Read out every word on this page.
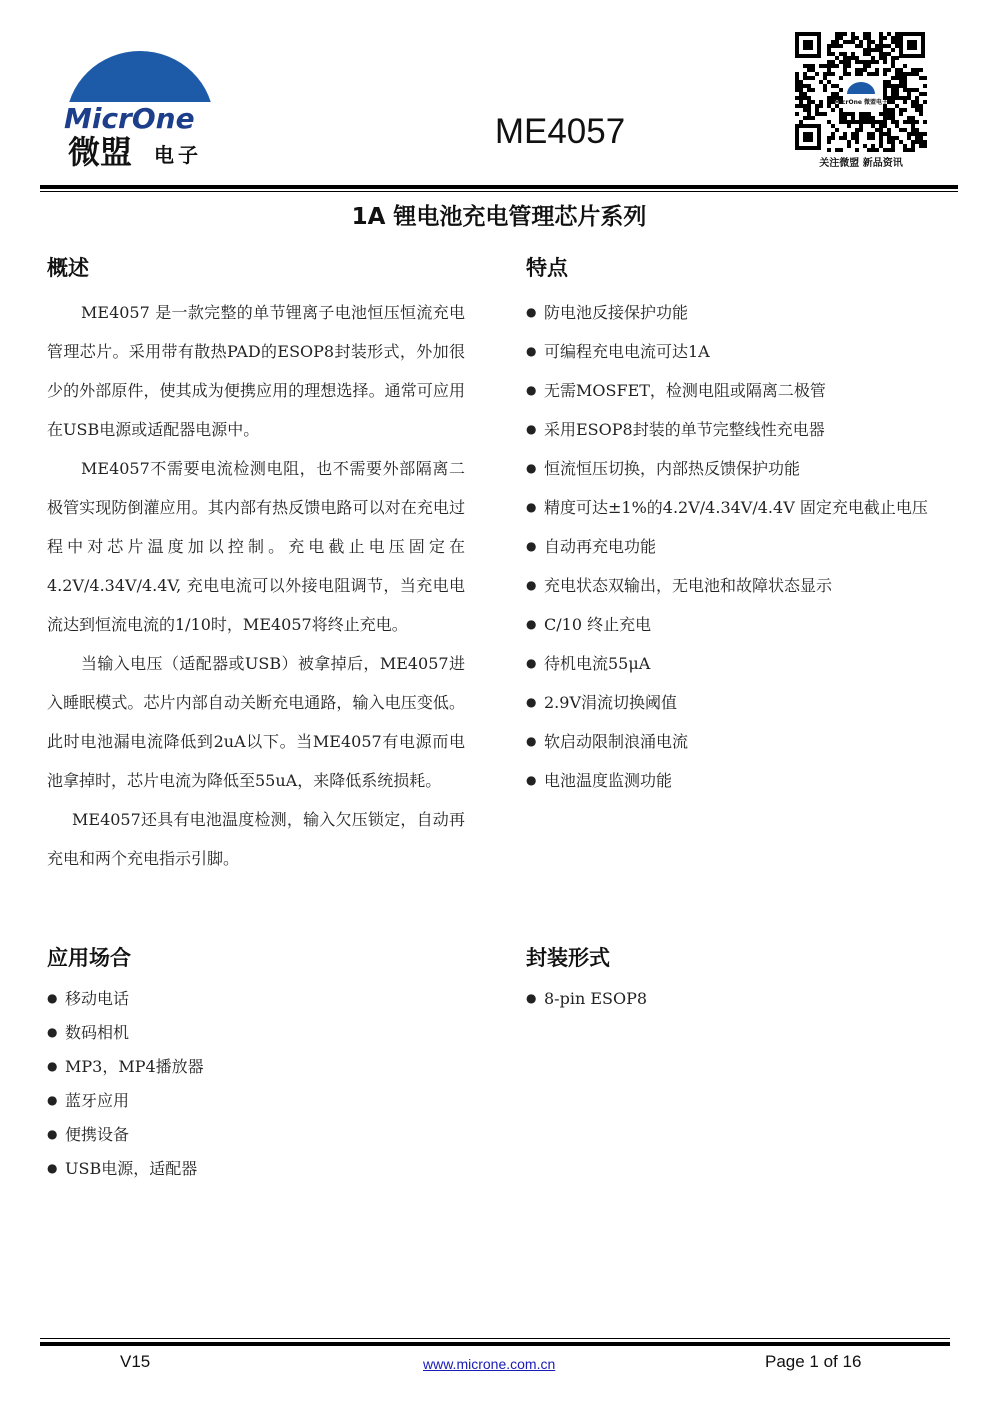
MicrOne
微盟 电子
ME4057
MicrOne 微盟电子
关注微盟 新品资讯
1A 锂电池充电管理芯片系列
概述

ME4057 是一款完整的单节锂离子电池恒压恒流充电管理芯片。采用带有散热PAD的ESOP8封装形式，外加很少的外部原件，使其成为便携应用的理想选择。通常可应用在USB电源或适配器电源中。

ME4057不需要电流检测电阻，也不需要外部隔离二极管实现防倒灌应用。其内部有热反馈电路可以对在充电过程中对芯片温度加以控制。充电截止电压固定在4.2V/4.34V/4.4V, 充电电流可以外接电阻调节，当充电电流达到恒流电流的1/10时，ME4057将终止充电。

当输入电压（适配器或USB）被拿掉后，ME4057进入睡眠模式。芯片内部自动关断充电通路，输入电压变低。此时电池漏电流降低到2uA以下。当ME4057有电源而电池拿掉时，芯片电流为降低至55uA，来降低系统损耗。

ME4057还具有电池温度检测，输入欠压锁定，自动再充电和两个充电指示引脚。

特点
● 防电池反接保护功能
● 可编程充电电流可达1A
● 无需MOSFET，检测电阻或隔离二极管
● 采用ESOP8封装的单节完整线性充电器
● 恒流恒压切换，内部热反馈保护功能
● 精度可达±1%的4.2V/4.34V/4.4V 固定充电截止电压
● 自动再充电功能
● 充电状态双输出，无电池和故障状态显示
● C/10 终止充电
● 待机电流55μA
● 2.9V涓流切换阈值
● 软启动限制浪涌电流
● 电池温度监测功能
应用场合
● 移动电话
● 数码相机
● MP3，MP4播放器
● 蓝牙应用
● 便携设备
● USB电源，适配器
封装形式
● 8-pin ESOP8
V15	www.microne.com.cn	Page 1 of 16
